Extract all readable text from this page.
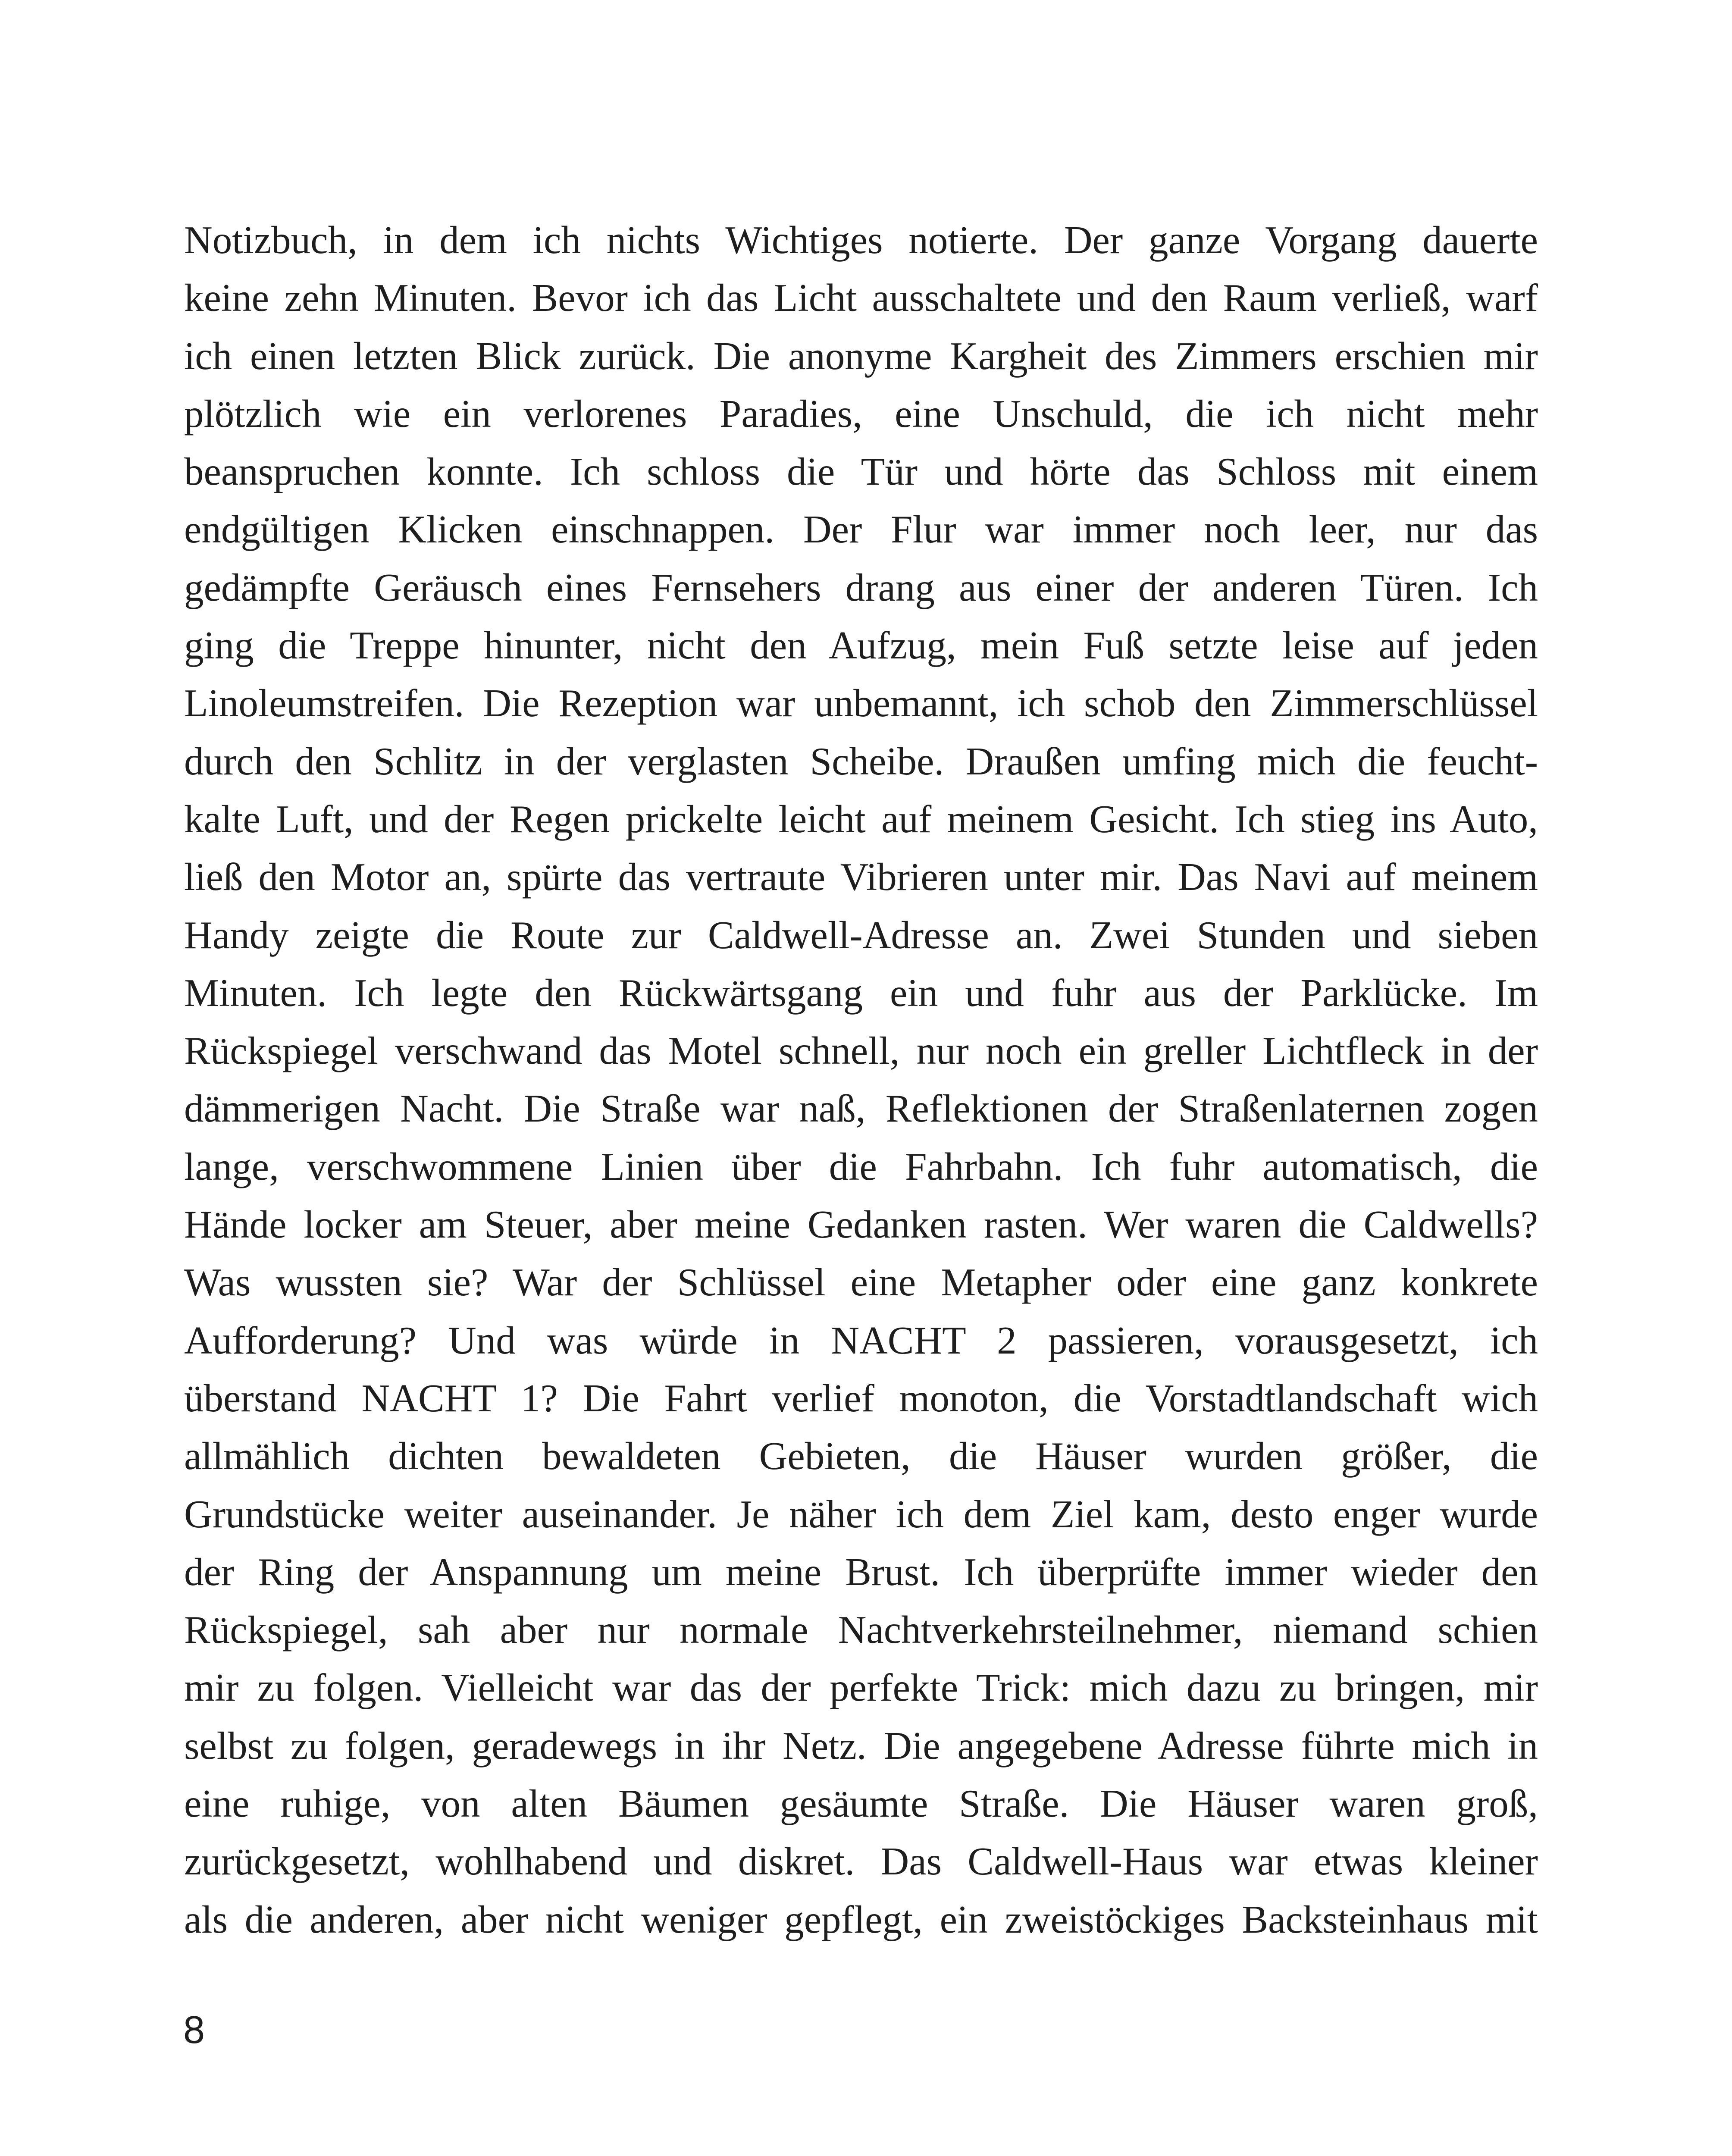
Notizbuch, in dem ich nichts Wichtiges notierte. Der ganze Vorgang dauerte
keine zehn Minuten. Bevor ich das Licht ausschaltete und den Raum verließ, warf
ich einen letzten Blick zurück. Die anonyme Kargheit des Zimmers erschien mir
plötzlich wie ein verlorenes Paradies, eine Unschuld, die ich nicht mehr
beanspruchen konnte. Ich schloss die Tür und hörte das Schloss mit einem
endgültigen Klicken einschnappen. Der Flur war immer noch leer, nur das
gedämpfte Geräusch eines Fernsehers drang aus einer der anderen Türen. Ich
ging die Treppe hinunter, nicht den Aufzug, mein Fuß setzte leise auf jeden
Linoleumstreifen. Die Rezeption war unbemannt, ich schob den Zimmerschlüssel
durch den Schlitz in der verglasten Scheibe. Draußen umfing mich die feucht-
kalte Luft, und der Regen prickelte leicht auf meinem Gesicht. Ich stieg ins Auto,
ließ den Motor an, spürte das vertraute Vibrieren unter mir. Das Navi auf meinem
Handy zeigte die Route zur Caldwell-Adresse an. Zwei Stunden und sieben
Minuten. Ich legte den Rückwärtsgang ein und fuhr aus der Parklücke. Im
Rückspiegel verschwand das Motel schnell, nur noch ein greller Lichtfleck in der
dämmerigen Nacht. Die Straße war naß, Reflektionen der Straßenlaternen zogen
lange, verschwommene Linien über die Fahrbahn. Ich fuhr automatisch, die
Hände locker am Steuer, aber meine Gedanken rasten. Wer waren die Caldwells?
Was wussten sie? War der Schlüssel eine Metapher oder eine ganz konkrete
Aufforderung? Und was würde in NACHT 2 passieren, vorausgesetzt, ich
überstand NACHT 1? Die Fahrt verlief monoton, die Vorstadtlandschaft wich
allmählich dichten bewaldeten Gebieten, die Häuser wurden größer, die
Grundstücke weiter auseinander. Je näher ich dem Ziel kam, desto enger wurde
der Ring der Anspannung um meine Brust. Ich überprüfte immer wieder den
Rückspiegel, sah aber nur normale Nachtverkehrsteilnehmer, niemand schien
mir zu folgen. Vielleicht war das der perfekte Trick: mich dazu zu bringen, mir
selbst zu folgen, geradewegs in ihr Netz. Die angegebene Adresse führte mich in
eine ruhige, von alten Bäumen gesäumte Straße. Die Häuser waren groß,
zurückgesetzt, wohlhabend und diskret. Das Caldwell-Haus war etwas kleiner
als die anderen, aber nicht weniger gepflegt, ein zweistöckiges Backsteinhaus mit
8
